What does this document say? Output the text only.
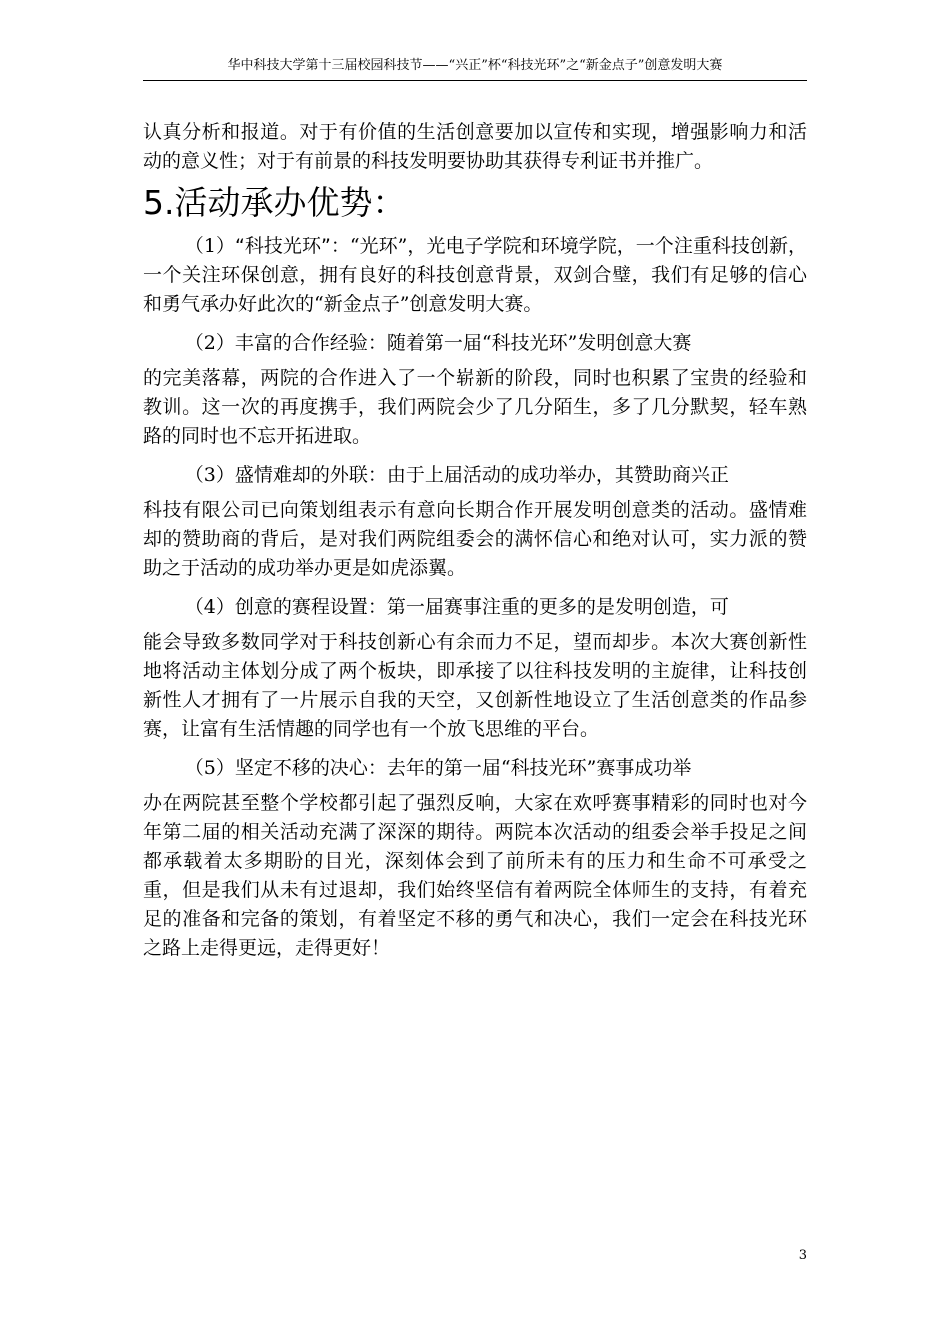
华中科技大学第十三届校园科技节——“兴正”杯“科技光环”之“新金点子”创意发明大赛

认真分析和报道。对于有价值的生活创意要加以宣传和实现，增强影响力和活动的意义性；对于有前景的科技发明要协助其获得专利证书并推广。

5.活动承办优势：

（1）“科技光环”：“光环”，光电子学院和环境学院，一个注重科技创新，一个关注环保创意，拥有良好的科技创意背景，双剑合璧，我们有足够的信心和勇气承办好此次的“新金点子”创意发明大赛。

（2）丰富的合作经验：随着第一届“科技光环”发明创意大赛

的完美落幕，两院的合作进入了一个崭新的阶段，同时也积累了宝贵的经验和教训。这一次的再度携手，我们两院会少了几分陌生，多了几分默契，轻车熟路的同时也不忘开拓进取。

（3）盛情难却的外联：由于上届活动的成功举办，其赞助商兴正

科技有限公司已向策划组表示有意向长期合作开展发明创意类的活动。盛情难却的赞助商的背后，是对我们两院组委会的满怀信心和绝对认可，实力派的赞助之于活动的成功举办更是如虎添翼。

（4）创意的赛程设置：第一届赛事注重的更多的是发明创造，可

能会导致多数同学对于科技创新心有余而力不足，望而却步。本次大赛创新性地将活动主体划分成了两个板块，即承接了以往科技发明的主旋律，让科技创新性人才拥有了一片展示自我的天空，又创新性地设立了生活创意类的作品参赛，让富有生活情趣的同学也有一个放飞思维的平台。

（5）坚定不移的决心：去年的第一届“科技光环”赛事成功举

办在两院甚至整个学校都引起了强烈反响，大家在欢呼赛事精彩的同时也对今年第二届的相关活动充满了深深的期待。两院本次活动的组委会举手投足之间都承载着太多期盼的目光，深刻体会到了前所未有的压力和生命不可承受之重，但是我们从未有过退却，我们始终坚信有着两院全体师生的支持，有着充足的准备和完备的策划，有着坚定不移的勇气和决心，我们一定会在科技光环之路上走得更远，走得更好！

3
